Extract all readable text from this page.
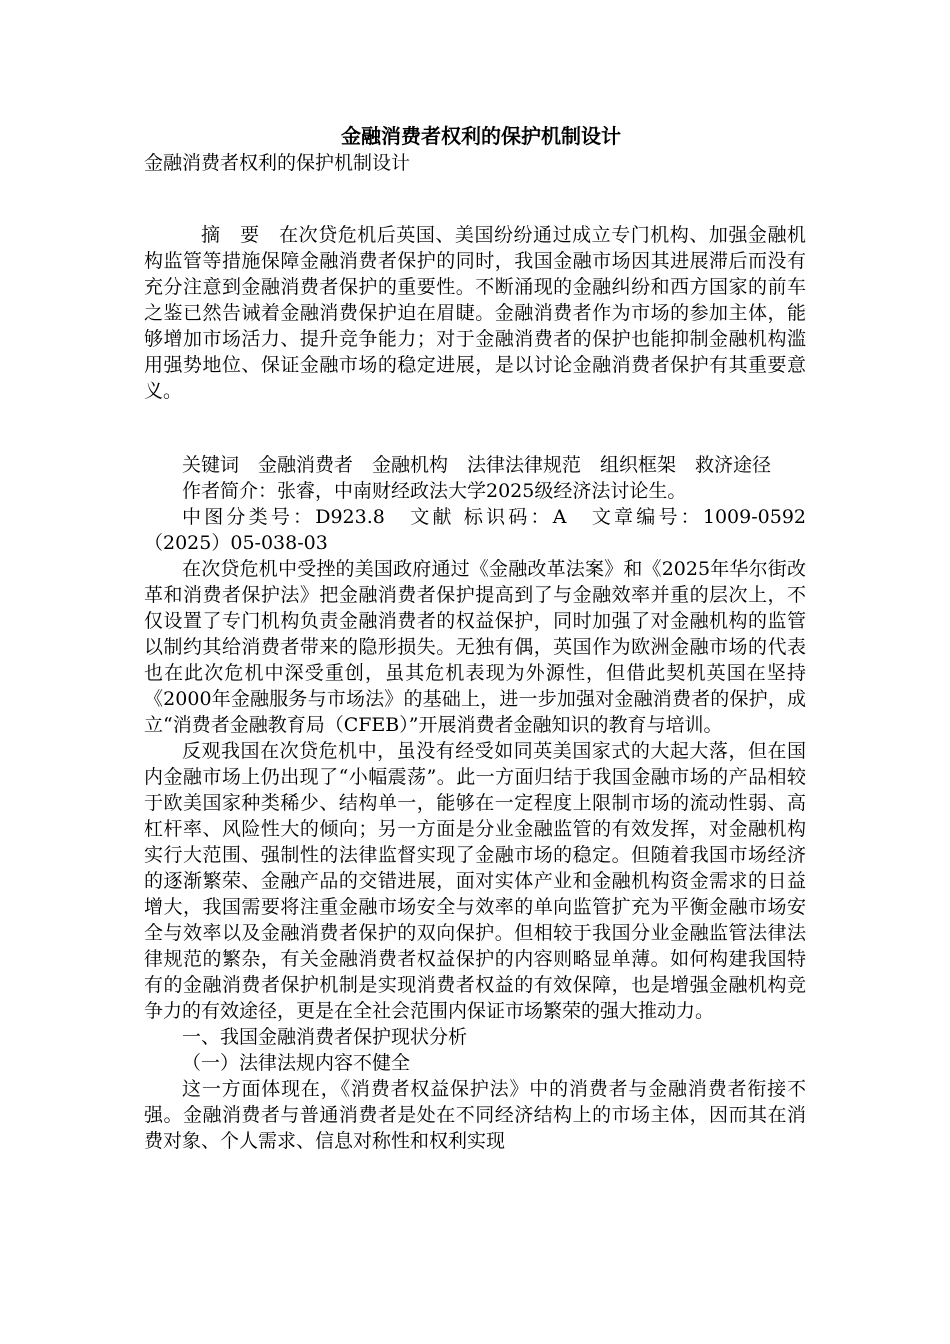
金融消费者权利的保护机制设计

金融消费者权利的保护机制设计

摘　要　在次贷危机后英国、美国纷纷通过成立专门机构、加强金融机构监管等措施保障金融消费者保护的同时，我国金融市场因其进展滞后而没有充分注意到金融消费者保护的重要性。不断涌现的金融纠纷和西方国家的前车之鉴已然告诫着金融消费保护迫在眉睫。金融消费者作为市场的参加主体，能够增加市场活力、提升竞争能力；对于金融消费者的保护也能抑制金融机构滥用强势地位、保证金融市场的稳定进展，是以讨论金融消费者保护有其重要意义。

关键词　金融消费者　金融机构　法律法律规范　组织框架　救济途径

作者简介：张睿，中南财经政法大学2025级经济法讨论生。

中图分类号：D923.8　文献 标识码：A　文章编号：1009-0592（2025）05-038-03

在次贷危机中受挫的美国政府通过《金融改革法案》和《2025年华尔街改革和消费者保护法》把金融消费者保护提高到了与金融效率并重的层次上，不仅设置了专门机构负责金融消费者的权益保护，同时加强了对金融机构的监管以制约其给消费者带来的隐形损失。无独有偶，英国作为欧洲金融市场的代表也在此次危机中深受重创，虽其危机表现为外源性，但借此契机英国在坚持《2000年金融服务与市场法》的基础上，进一步加强对金融消费者的保护，成立“消费者金融教育局（CFEB）”开展消费者金融知识的教育与培训。

反观我国在次贷危机中，虽没有经受如同英美国家式的大起大落，但在国内金融市场上仍出现了“小幅震荡”。此一方面归结于我国金融市场的产品相较于欧美国家种类稀少、结构单一，能够在一定程度上限制市场的流动性弱、高杠杆率、风险性大的倾向；另一方面是分业金融监管的有效发挥，对金融机构实行大范围、强制性的法律监督实现了金融市场的稳定。但随着我国市场经济的逐渐繁荣、金融产品的交错进展，面对实体产业和金融机构资金需求的日益增大，我国需要将注重金融市场安全与效率的单向监管扩充为平衡金融市场安全与效率以及金融消费者保护的双向保护。但相较于我国分业金融监管法律法律规范的繁杂，有关金融消费者权益保护的内容则略显单薄。如何构建我国特有的金融消费者保护机制是实现消费者权益的有效保障，也是增强金融机构竞争力的有效途径，更是在全社会范围内保证市场繁荣的强大推动力。

一、我国金融消费者保护现状分析

（一）法律法规内容不健全

这一方面体现在，《消费者权益保护法》中的消费者与金融消费者衔接不强。金融消费者与普通消费者是处在不同经济结构上的市场主体，因而其在消费对象、个人需求、信息对称性和权利实现
